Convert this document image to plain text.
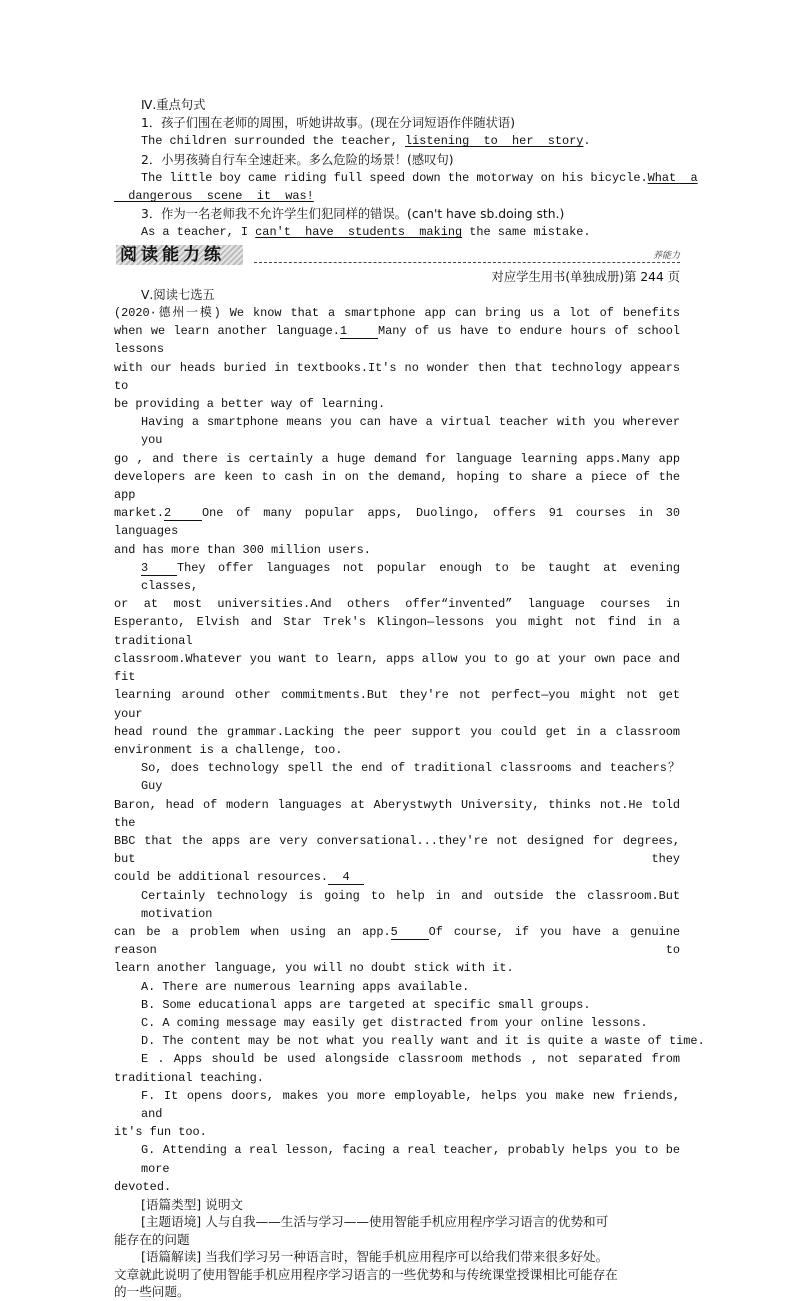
Ⅳ.重点句式
1．孩子们围在老师的周围，听她讲故事。(现在分词短语作伴随状语)
The children surrounded the teacher, listening  to  her  story.
2．小男孩骑自行车全速赶来。多么危险的场景！(感叹句)
The little boy came riding full speed down the motorway on his bicycle.What  a
dangerous  scene  it  was!
3．作为一名老师我不允许学生们犯同样的错误。(can't have sb.doing sth.)
As a teacher, I can't  have  students  making the same mistake.
阅读能力练	养能力
对应学生用书(单独成册)第 244 页
Ⅴ.阅读七选五
(2020·德州一模) We know that a smartphone app can bring us a lot of benefits
when we learn another language.1	Many of us have to endure hours of school lessons
with our heads buried in textbooks.It's no wonder then that technology appears to
be providing a better way of learning.
Having a smartphone means you can have a virtual teacher with you wherever you
go , and there is certainly a huge demand for language learning apps.Many app
developers are keen to cash in on the demand, hoping to share a piece of the app
market.2	One of many popular apps, Duolingo, offers 91 courses in 30 languages
and has more than 300 million users.
3 They offer languages not popular enough to be taught at evening classes,
or at most universities.And others offer“invented” language courses in
Esperanto, Elvish and Star Trek's Klingon—lessons you might not find in a traditional
classroom.Whatever you want to learn, apps allow you to go at your own pace and fit
learning around other commitments.But they're not perfect—you might not get your
head round the grammar.Lacking the peer support you could get in a classroom
environment is a challenge, too.
So, does technology spell the end of traditional classrooms and teachers？Guy
Baron, head of modern languages at Aberystwyth University, thinks not.He told the
BBC that the apps are very conversational...they're not designed for degrees, but they
could be additional resources. 4
Certainly technology is going to help in and outside the classroom.But motivation
can be a problem when using an app.5	Of course, if you have a genuine reason to
learn another language, you will no doubt stick with it.
A. There are numerous learning apps available.
B. Some educational apps are targeted at specific small groups.
C. A coming message may easily get distracted from your online lessons.
D. The content may be not what you really want and it is quite a waste of time.
E . Apps should be used alongside classroom methods , not separated from
traditional teaching.
F. It opens doors, makes you more employable, helps you make new friends, and
it's fun too.
G. Attending a real lesson, facing a real teacher, probably helps you to be more
devoted.
[语篇类型] 说明文
[主题语境] 人与自我——生活与学习——使用智能手机应用程序学习语言的优势和可
能存在的问题
[语篇解读] 当我们学习另一种语言时，智能手机应用程序可以给我们带来很多好处。
文章就此说明了使用智能手机应用程序学习语言的一些优势和与传统课堂授课相比可能存在
的一些问题。
